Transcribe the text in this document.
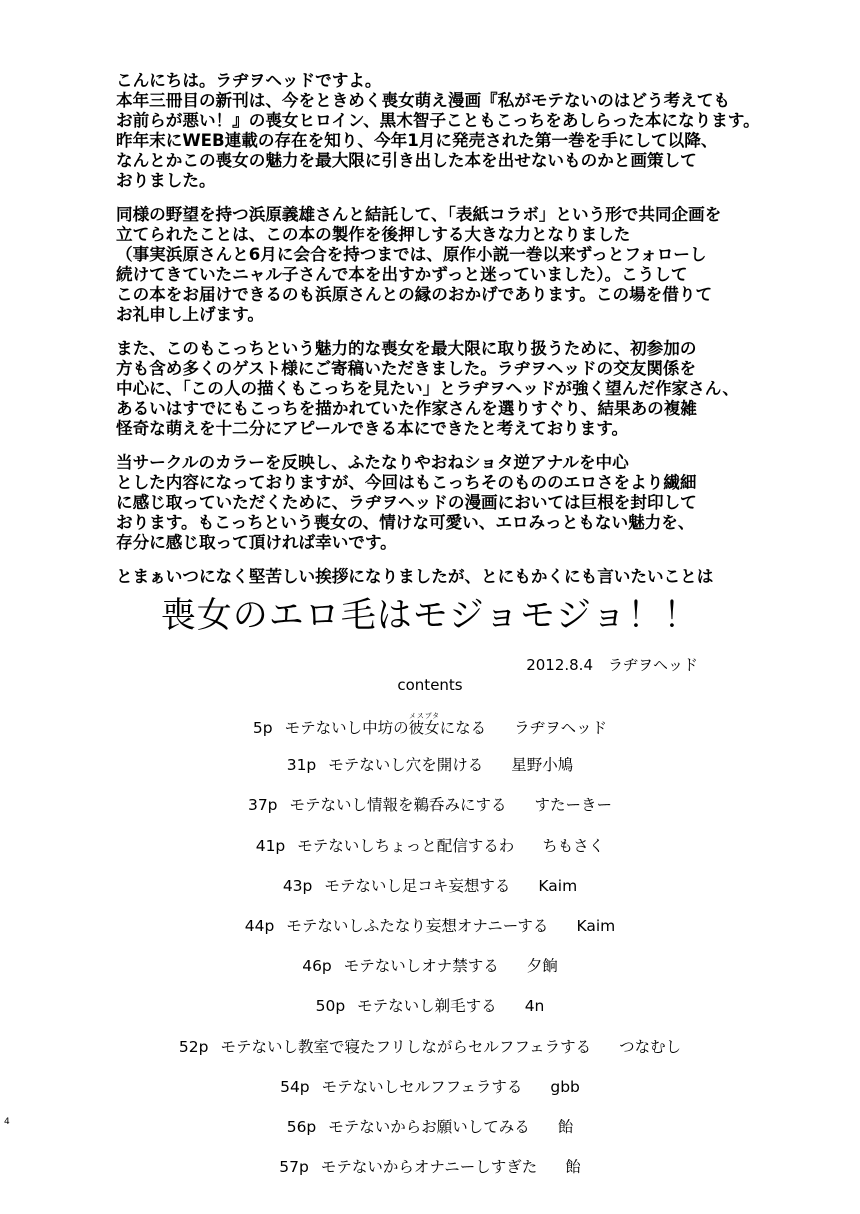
こんにちは。ラヂヲヘッドですよ。
本年三冊目の新刊は、今をときめく喪女萌え漫画『私がモテないのはどう考えても
お前らが悪い！』の喪女ヒロイン、黒木智子こともこっちをあしらった本になります。
昨年末にWEB連載の存在を知り、今年1月に発売された第一巻を手にして以降、
なんとかこの喪女の魅力を最大限に引き出した本を出せないものかと画策して
おりました。
同様の野望を持つ浜原義雄さんと結託して、「表紙コラボ」という形で共同企画を
立てられたことは、この本の製作を後押しする大きな力となりました
（事実浜原さんと6月に会合を持つまでは、原作小説一巻以来ずっとフォローし
続けてきていたニャル子さんで本を出すかずっと迷っていました）。こうして
この本をお届けできるのも浜原さんとの縁のおかげであります。この場を借りて
お礼申し上げます。
また、このもこっちという魅力的な喪女を最大限に取り扱うために、初参加の
方も含め多くのゲスト様にご寄稿いただきました。ラヂヲヘッドの交友関係を
中心に、「この人の描くもこっちを見たい」とラヂヲヘッドが強く望んだ作家さん、
あるいはすでにもこっちを描かれていた作家さんを選りすぐり、結果あの複雑
怪奇な萌えを十二分にアピールできる本にできたと考えております。
当サークルのカラーを反映し、ふたなりやおねショタ逆アナルを中心
とした内容になっておりますが、今回はもこっちそのもののエロさをより繊細
に感じ取っていただくために、ラヂヲヘッドの漫画においては巨根を封印して
おります。もこっちという喪女の、情けな可愛い、エロみっともない魅力を、
存分に感じ取って頂ければ幸いです。
とまぁいつになく堅苦しい挨拶になりましたが、とにもかくにも言いたいことは
喪女のエロ毛はモジョモジョ！！
2012.8.4　ラヂヲヘッド
contents
5p モテないし中坊の彼女メスブタになる ラヂヲヘッド
31p モテないし穴を開ける 星野小鳩
37p モテないし情報を鵜呑みにする すたーきー
41p モテないしちょっと配信するわ ちもさく
43p モテないし足コキ妄想する Kaim
44p モテないしふたなり妄想オナニーする Kaim
46p モテないしオナ禁する 夕餉
50p モテないし剃毛する 4n
52p モテないし教室で寝たフリしながらセルフフェラする つなむし
54p モテないしセルフフェラする gbb
56p モテないからお願いしてみる 飴
57p モテないからオナニーしすぎた 飴
4
